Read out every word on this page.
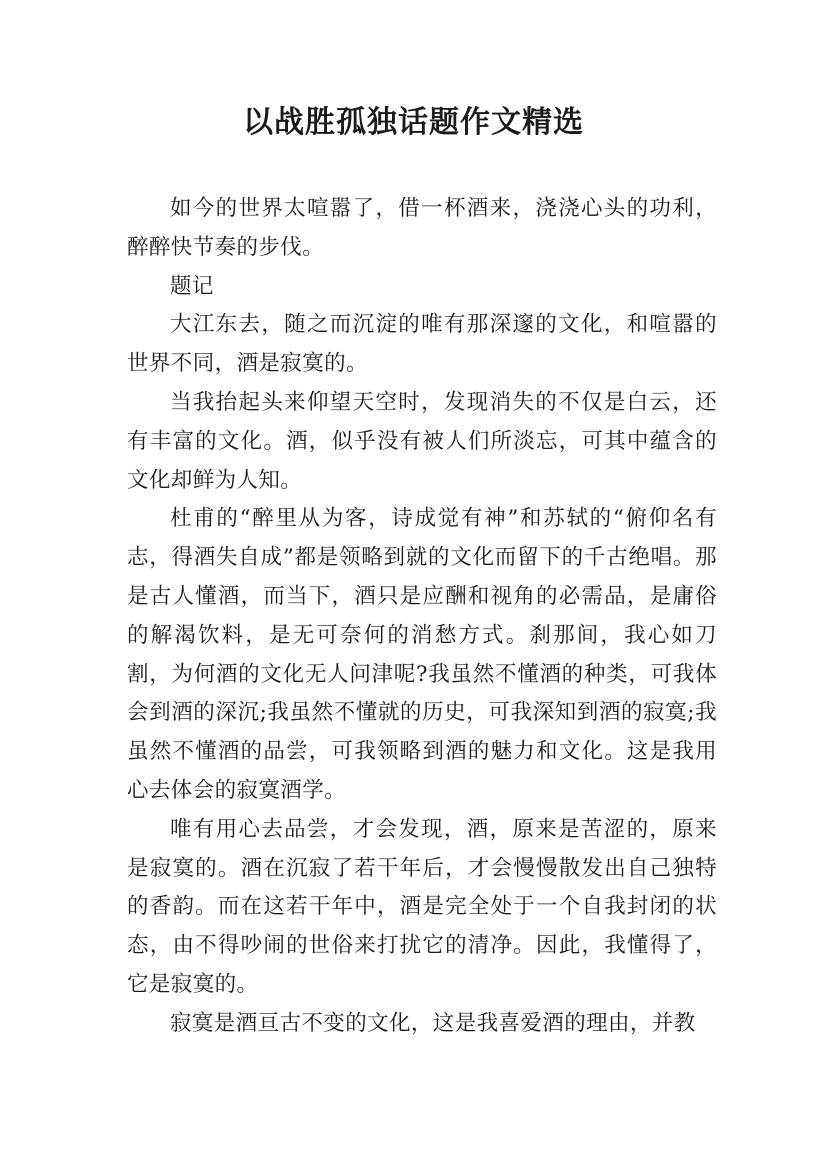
以战胜孤独话题作文精选

如今的世界太喧嚣了，借一杯酒来，浇浇心头的功利，醉醉快节奏的步伐。

题记

大江东去，随之而沉淀的唯有那深邃的文化，和喧嚣的世界不同，酒是寂寞的。

当我抬起头来仰望天空时，发现消失的不仅是白云，还有丰富的文化。酒，似乎没有被人们所淡忘，可其中蕴含的文化却鲜为人知。

杜甫的“醉里从为客，诗成觉有神”和苏轼的“俯仰名有志，得酒失自成”都是领略到就的文化而留下的千古绝唱。那是古人懂酒，而当下，酒只是应酬和视角的必需品，是庸俗的解渴饮料，是无可奈何的消愁方式。刹那间，我心如刀割，为何酒的文化无人问津呢?我虽然不懂酒的种类，可我体会到酒的深沉;我虽然不懂就的历史，可我深知到酒的寂寞;我虽然不懂酒的品尝，可我领略到酒的魅力和文化。这是我用心去体会的寂寞酒学。

唯有用心去品尝，才会发现，酒，原来是苦涩的，原来是寂寞的。酒在沉寂了若干年后，才会慢慢散发出自己独特的香韵。而在这若干年中，酒是完全处于一个自我封闭的状态，由不得吵闹的世俗来打扰它的清净。因此，我懂得了，它是寂寞的。

寂寞是酒亘古不变的文化，这是我喜爱酒的理由，并教
